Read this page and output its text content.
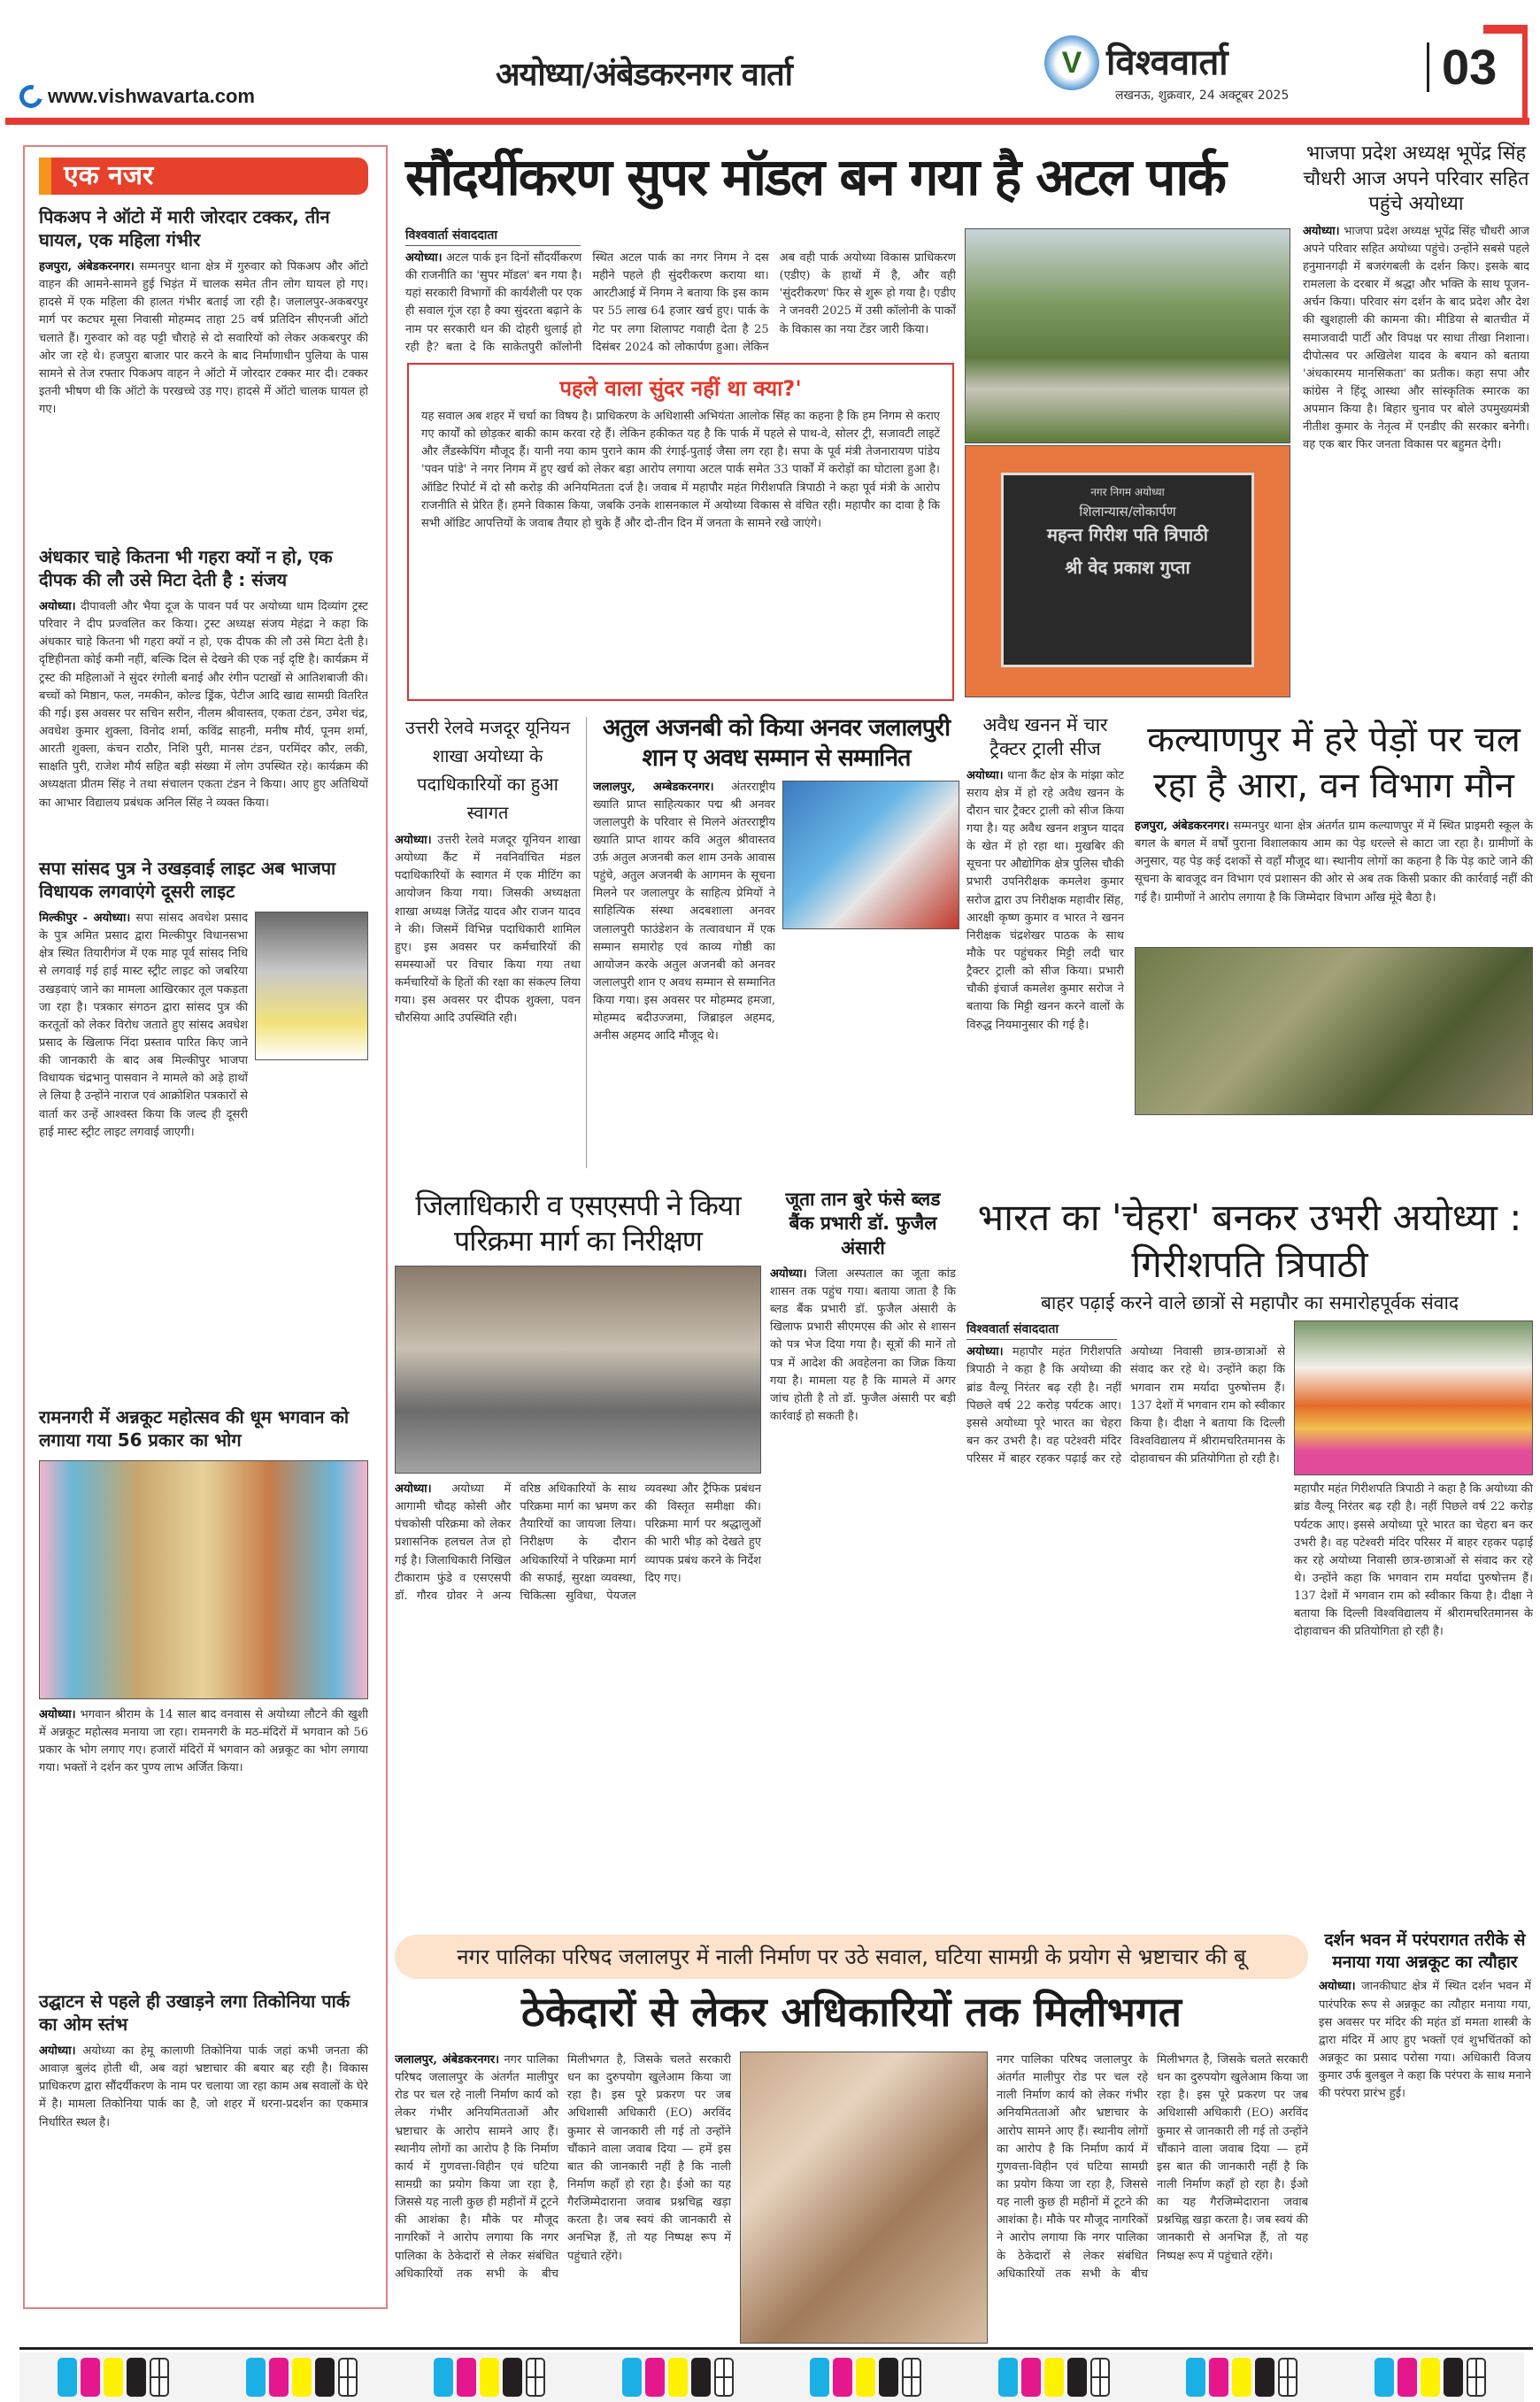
www.vishwavarta.com
अयोध्या/अंबेडकरनगर वार्ता	V विश्ववार्ता
लखनऊ, शुक्रवार, 24 अक्टूबर 2025
03
एक नजर
पिकअप ने ऑटो में मारी जोरदार टक्कर, तीन घायल, एक महिला गंभीर

हजपुरा, अंबेडकरनगर। सम्मनपुर थाना क्षेत्र में गुरुवार को पिकअप और ऑटो वाहन की आमने-सामने हुई भिड़ंत में चालक समेत तीन लोग घायल हो गए। हादसे में एक महिला की हालत गंभीर बताई जा रही है। जलालपुर-अकबरपुर मार्ग पर कटघर मूसा निवासी मोहम्मद ताहा 25 वर्ष प्रतिदिन सीएनजी ऑटो चलाते हैं। गुरुवार को वह पट्टी चौराहे से दो सवारियों को लेकर अकबरपुर की ओर जा रहे थे। हजपुरा बाजार पार करने के बाद निर्माणाधीन पुलिया के पास सामने से तेज रफ्तार पिकअप वाहन ने ऑटो में जोरदार टक्कर मार दी। टक्कर इतनी भीषण थी कि ऑटो के परखच्चे उड़ गए। हादसे में ऑटो चालक घायल हो गए।

अंधकार चाहे कितना भी गहरा क्यों न हो, एक दीपक की लौ उसे मिटा देती है : संजय

अयोध्या। दीपावली और भैया दूज के पावन पर्व पर अयोध्या धाम दिव्यांग ट्रस्ट परिवार ने दीप प्रज्वलित कर किया। ट्रस्ट अध्यक्ष संजय मेहंद्रा ने कहा कि अंधकार चाहे कितना भी गहरा क्यों न हो, एक दीपक की लौ उसे मिटा देती है। दृष्टिहीनता कोई कमी नहीं, बल्कि दिल से देखने की एक नई दृष्टि है। कार्यक्रम में ट्रस्ट की महिलाओं ने सुंदर रंगोली बनाई और रंगीन पटाखों से आतिशबाजी की। बच्चों को मिष्ठान, फल, नमकीन, कोल्ड ड्रिंक, पेटीज आदि खाद्य सामग्री वितरित की गई। इस अवसर पर सचिन सरीन, नीलम श्रीवास्तव, एकता टंडन, उमेश चंद्र, अवधेश कुमार शुक्ला, विनोद शर्मा, कविंद्र साहनी, मनीष मौर्य, पूनम शर्मा, आरती शुक्ला, कंचन राठौर, निशि पुरी, मानस टंडन, परमिंदर कौर, लकी, साक्षति पुरी, राजेश मौर्य सहित बड़ी संख्या में लोग उपस्थित रहे। कार्यक्रम की अध्यक्षता प्रीतम सिंह ने तथा संचालन एकता टंडन ने किया। आए हुए अतिथियों का आभार विद्यालय प्रबंधक अनिल सिंह ने व्यक्त किया।

सपा सांसद पुत्र ने उखड़वाई लाइट अब भाजपा विधायक लगवाएंगे दूसरी लाइट

मिल्कीपुर - अयोध्या। सपा सांसद अवधेश प्रसाद के पुत्र अमित प्रसाद द्वारा मिल्कीपुर विधानसभा क्षेत्र स्थित तियारीगंज में एक माह पूर्व सांसद निधि से लगवाई गई हाई मास्ट स्ट्रीट लाइट को जबरिया उखड़वाएं जाने का मामला आखिरकार तूल पकड़ता जा रहा है। पत्रकार संगठन द्वारा सांसद पुत्र की करतूतों को लेकर विरोध जताते हुए सांसद अवधेश प्रसाद के खिलाफ निंदा प्रस्ताव पारित किए जाने की जानकारी के बाद अब मिल्कीपुर भाजपा विधायक चंद्रभानु पासवान ने मामले को अड़े हाथों ले लिया है उन्होंने नाराज एवं आक्रोशित पत्रकारों से वार्ता कर उन्हें आश्वस्त किया कि जल्द ही दूसरी हाई मास्ट स्ट्रीट लाइट लगवाई जाएगी।

रामनगरी में अन्नकूट महोत्सव की धूम भगवान को लगाया गया 56 प्रकार का भोग

अयोध्या। भगवान श्रीराम के 14 साल बाद वनवास से अयोध्या लौटने की खुशी में अन्नकूट महोत्सव मनाया जा रहा। रामनगरी के मठ-मंदिरों में भगवान को 56 प्रकार के भोग लगाए गए। हजारों मंदिरों में भगवान को अन्नकूट का भोग लगाया गया। भक्तों ने दर्शन कर पुण्य लाभ अर्जित किया।

उद्घाटन से पहले ही उखाड़ने लगा तिकोनिया पार्क का ओम स्तंभ

अयोध्या। अयोध्या का हेमू कालाणी तिकोनिया पार्क जहां कभी जनता की आवाज़ बुलंद होती थी, अब वहां भ्रष्टाचार की बयार बह रही है। विकास प्राधिकरण द्वारा सौंदर्यीकरण के नाम पर चलाया जा रहा काम अब सवालों के घेरे में है। मामला तिकोनिया पार्क का है, जो शहर में धरना-प्रदर्शन का एकमात्र निर्धारित स्थल है।

सौंदर्यीकरण सुपर मॉडल बन गया है अटल पार्क
विश्ववार्ता संवाददाता

अयोध्या। अटल पार्क इन दिनों सौंदर्यीकरण की राजनीति का 'सुपर मॉडल' बन गया है। यहां सरकारी विभागों की कार्यशैली पर एक ही सवाल गूंज रहा है क्या सुंदरता बढ़ाने के नाम पर सरकारी धन की दोहरी धुलाई हो रही है? बता दे कि साकेतपुरी कॉलोनी स्थित अटल पार्क का नगर निगम ने दस महीने पहले ही सुंदरीकरण कराया था। आरटीआई में निगम ने बताया कि इस काम पर 55 लाख 64 हजार खर्च हुए। पार्क के गेट पर लगा शिलापट गवाही देता है 25 दिसंबर 2024 को लोकार्पण हुआ। लेकिन अब वही पार्क अयोध्या विकास प्राधिकरण (एडीए) के हाथों में है, और वही 'सुंदरीकरण' फिर से शुरू हो गया है। एडीए ने जनवरी 2025 में उसी कॉलोनी के पार्कों के विकास का नया टेंडर जारी किया।

पहले वाला सुंदर नहीं था क्या?'

यह सवाल अब शहर में चर्चा का विषय है। प्राधिकरण के अधिशासी अभियंता आलोक सिंह का कहना है कि हम निगम से कराए गए कार्यों को छोड़कर बाकी काम करवा रहे हैं। लेकिन हकीकत यह है कि पार्क में पहले से पाथ-वे, सोलर ट्री, सजावटी लाइटें और लैंडस्केपिंग मौजूद हैं। यानी नया काम पुराने काम की रंगाई-पुताई जैसा लग रहा है। सपा के पूर्व मंत्री तेजनारायण पांडेय 'पवन पांडे' ने नगर निगम में हुए खर्च को लेकर बड़ा आरोप लगाया अटल पार्क समेत 33 पार्कों में करोड़ों का घोटाला हुआ है। ऑडिट रिपोर्ट में दो सौ करोड़ की अनियमितता दर्ज है। जवाब में महापौर महंत गिरीशपति त्रिपाठी ने कहा पूर्व मंत्री के आरोप राजनीति से प्रेरित हैं। हमने विकास किया, जबकि उनके शासनकाल में अयोध्या विकास से वंचित रही। महापौर का दावा है कि सभी ऑडिट आपत्तियों के जवाब तैयार हो चुके हैं और दो-तीन दिन में जनता के सामने रखे जाएंगे।

नगर निगम अयोध्या
शिलान्यास/लोकार्पण
महन्त गिरीश पति त्रिपाठी
श्री वेद प्रकाश गुप्ता
भाजपा प्रदेश अध्यक्ष भूपेंद्र सिंह चौधरी आज अपने परिवार सहित पहुंचे अयोध्या

अयोध्या। भाजपा प्रदेश अध्यक्ष भूपेंद्र सिंह चौधरी आज अपने परिवार सहित अयोध्या पहुंचे। उन्होंने सबसे पहले हनुमानगढ़ी में बजरंगबली के दर्शन किए। इसके बाद रामलला के दरबार में श्रद्धा और भक्ति के साथ पूजन-अर्चन किया। परिवार संग दर्शन के बाद प्रदेश और देश की खुशहाली की कामना की। मीडिया से बातचीत में समाजवादी पार्टी और विपक्ष पर साधा तीखा निशाना। दीपोत्सव पर अखिलेश यादव के बयान को बताया 'अंधकारमय मानसिकता' का प्रतीक। कहा सपा और कांग्रेस ने हिंदू आस्था और सांस्कृतिक स्मारक का अपमान किया है। बिहार चुनाव पर बोले उपमुख्यमंत्री नीतीश कुमार के नेतृत्व में एनडीए की सरकार बनेगी। वह एक बार फिर जनता विकास पर बहुमत देगी।

उत्तरी रेलवे मजदूर यूनियन शाखा अयोध्या के पदाधिकारियों का हुआ स्वागत

अयोध्या। उत्तरी रेलवे मजदूर यूनियन शाखा अयोध्या कैंट में नवनिर्वाचित मंडल पदाधिकारियों के स्वागत में एक मीटिंग का आयोजन किया गया। जिसकी अध्यक्षता शाखा अध्यक्ष जितेंद्र यादव और राजन यादव ने की। जिसमें विभिन्न पदाधिकारी शामिल हुए। इस अवसर पर कर्मचारियों की समस्याओं पर विचार किया गया तथा कर्मचारियों के हितों की रक्षा का संकल्प लिया गया। इस अवसर पर दीपक शुक्ला, पवन चौरसिया आदि उपस्थिति रही।

अतुल अजनबी को किया अनवर जलालपुरी शान ए अवध सम्मान से सम्मानित

जलालपुर, अम्बेडकरनगर। अंतरराष्ट्रीय ख्याति प्राप्त साहित्यकार पद्म श्री अनवर जलालपुरी के परिवार से मिलने अंतरराष्ट्रीय ख्याति प्राप्त शायर कवि अतुल श्रीवास्तव उर्फ़ अतुल अजनबी कल शाम उनके आवास पहुंचे, अतुल अजनबी के आगमन के सूचना मिलने पर जलालपुर के साहित्य प्रेमियों ने साहित्यिक संस्था अदबशाला अनवर जलालपुरी फाउंडेशन के तत्वावधान में एक सम्मान समारोह एवं काव्य गोष्ठी का आयोजन करके अतुल अजनबी को अनवर जलालपुरी शान ए अवध सम्मान से सम्मानित किया गया। इस अवसर पर मोहम्मद हमजा, मोहम्मद बदीउज्जमा, जिब्राइल अहमद, अनीस अहमद आदि मौजूद थे।

अवैध खनन में चार ट्रैक्टर ट्राली सीज

अयोध्या। थाना कैंट क्षेत्र के मांझा कोट सराय क्षेत्र में हो रहे अवैध खनन के दौरान चार ट्रैक्टर ट्राली को सीज किया गया है। यह अवैध खनन शत्रुघ्न यादव के खेत में हो रहा था। मुखबिर की सूचना पर औद्योगिक क्षेत्र पुलिस चौकी प्रभारी उपनिरीक्षक कमलेश कुमार सरोज द्वारा उप निरीक्षक महावीर सिंह, आरक्षी कृष्ण कुमार व भारत ने खनन निरीक्षक चंद्रशेखर पाठक के साथ मौके पर पहुंचकर मिट्टी लदी चार ट्रैक्टर ट्राली को सीज किया। प्रभारी चौकी इंचार्ज कमलेश कुमार सरोज ने बताया कि मिट्टी खनन करने वालों के विरुद्ध नियमानुसार की गई है।

कल्याणपुर में हरे पेड़ों पर चल रहा है आरा, वन विभाग मौन

हजपुरा, अंबेडकरनगर। सम्मनपुर थाना क्षेत्र अंतर्गत ग्राम कल्याणपुर में में स्थित प्राइमरी स्कूल के बगल के बगल में वर्षों पुराना विशालकाय आम का पेड़ धरल्ले से काटा जा रहा है। ग्रामीणों के अनुसार, यह पेड़ कई दशकों से वहाँ मौजूद था। स्थानीय लोगों का कहना है कि पेड़ काटे जाने की सूचना के बावजूद वन विभाग एवं प्रशासन की ओर से अब तक किसी प्रकार की कार्रवाई नहीं की गई है। ग्रामीणों ने आरोप लगाया है कि जिम्मेदार विभाग आँख मूंदे बैठा है।

जिलाधिकारी व एसएसपी ने किया परिक्रमा मार्ग का निरीक्षण

अयोध्या। अयोध्या में आगामी चौदह कोसी और पंचकोसी परिक्रमा को लेकर प्रशासनिक हलचल तेज हो गई है। जिलाधिकारी निखिल टीकाराम फुंडे व एसएसपी डॉ. गौरव ग्रोवर ने अन्य वरिष्ठ अधिकारियों के साथ परिक्रमा मार्ग का भ्रमण कर तैयारियों का जायजा लिया। निरीक्षण के दौरान अधिकारियों ने परिक्रमा मार्ग की सफाई, सुरक्षा व्यवस्था, चिकित्सा सुविधा, पेयजल व्यवस्था और ट्रैफिक प्रबंधन की विस्तृत समीक्षा की। परिक्रमा मार्ग पर श्रद्धालुओं की भारी भीड़ को देखते हुए व्यापक प्रबंध करने के निर्देश दिए गए।

जूता तान बुरे फंसे ब्लड बैंक प्रभारी डॉ. फुजैल अंसारी

अयोध्या। जिला अस्पताल का जूता कांड शासन तक पहुंच गया। बताया जाता है कि ब्लड बैंक प्रभारी डॉ. फुजैल अंसारी के खिलाफ प्रभारी सीएमएस की ओर से शासन को पत्र भेज दिया गया है। सूत्रों की मानें तो पत्र में आदेश की अवहेलना का जिक्र किया गया है। मामला यह है कि मामले में अगर जांच होती है तो डॉ. फुजैल अंसारी पर बड़ी कार्रवाई हो सकती है।

भारत का 'चेहरा' बनकर उभरी अयोध्या : गिरीशपति त्रिपाठी
बाहर पढ़ाई करने वाले छात्रों से महापौर का समारोहपूर्वक संवाद
विश्ववार्ता संवाददाता

अयोध्या। महापौर महंत गिरीशपति त्रिपाठी ने कहा है कि अयोध्या की ब्रांड वैल्यू निरंतर बढ़ रही है। नहीं पिछले वर्ष 22 करोड़ पर्यटक आए। इससे अयोध्या पूरे भारत का चेहरा बन कर उभरी है। वह पटेश्वरी मंदिर परिसर में बाहर रहकर पढ़ाई कर रहे अयोध्या निवासी छात्र-छात्राओं से संवाद कर रहे थे। उन्होंने कहा कि भगवान राम मर्यादा पुरुषोत्तम हैं। 137 देशों में भगवान राम को स्वीकार किया है। दीक्षा ने बताया कि दिल्ली विश्वविद्यालय में श्रीरामचरितमानस के दोहावाचन की प्रतियोगिता हो रही है।

महापौर महंत गिरीशपति त्रिपाठी ने कहा है कि अयोध्या की ब्रांड वैल्यू निरंतर बढ़ रही है। नहीं पिछले वर्ष 22 करोड़ पर्यटक आए। इससे अयोध्या पूरे भारत का चेहरा बन कर उभरी है। वह पटेश्वरी मंदिर परिसर में बाहर रहकर पढ़ाई कर रहे अयोध्या निवासी छात्र-छात्राओं से संवाद कर रहे थे। उन्होंने कहा कि भगवान राम मर्यादा पुरुषोत्तम हैं। 137 देशों में भगवान राम को स्वीकार किया है। दीक्षा ने बताया कि दिल्ली विश्वविद्यालय में श्रीरामचरितमानस के दोहावाचन की प्रतियोगिता हो रही है।

नगर पालिका परिषद जलालपुर में नाली निर्माण पर उठे सवाल, घटिया सामग्री के प्रयोग से भ्रष्टाचार की बू
ठेकेदारों से लेकर अधिकारियों तक मिलीभगत

जलालपुर, अंबेडकरनगर। नगर पालिका परिषद जलालपुर के अंतर्गत मालीपुर रोड पर चल रहे नाली निर्माण कार्य को लेकर गंभीर अनियमितताओं और भ्रष्टाचार के आरोप सामने आए हैं। स्थानीय लोगों का आरोप है कि निर्माण कार्य में गुणवत्ता-विहीन एवं घटिया सामग्री का प्रयोग किया जा रहा है, जिससे यह नाली कुछ ही महीनों में टूटने की आशंका है। मौके पर मौजूद नागरिकों ने आरोप लगाया कि नगर पालिका के ठेकेदारों से लेकर संबंधित अधिकारियों तक सभी के बीच मिलीभगत है, जिसके चलते सरकारी धन का दुरुपयोग खुलेआम किया जा रहा है। इस पूरे प्रकरण पर जब अधिशासी अधिकारी (EO) अरविंद कुमार से जानकारी ली गई तो उन्होंने चौंकाने वाला जवाब दिया — हमें इस बात की जानकारी नहीं है कि नाली निर्माण कहाँ हो रहा है। ईओ का यह गैरजिम्मेदाराना जवाब प्रश्नचिह्न खड़ा करता है। जब स्वयं की जानकारी से अनभिज्ञ हैं, तो यह निष्पक्ष रूप में पहुंचाते रहेंगे।

नगर पालिका परिषद जलालपुर के अंतर्गत मालीपुर रोड पर चल रहे नाली निर्माण कार्य को लेकर गंभीर अनियमितताओं और भ्रष्टाचार के आरोप सामने आए हैं। स्थानीय लोगों का आरोप है कि निर्माण कार्य में गुणवत्ता-विहीन एवं घटिया सामग्री का प्रयोग किया जा रहा है, जिससे यह नाली कुछ ही महीनों में टूटने की आशंका है। मौके पर मौजूद नागरिकों ने आरोप लगाया कि नगर पालिका के ठेकेदारों से लेकर संबंधित अधिकारियों तक सभी के बीच मिलीभगत है, जिसके चलते सरकारी धन का दुरुपयोग खुलेआम किया जा रहा है। इस पूरे प्रकरण पर जब अधिशासी अधिकारी (EO) अरविंद कुमार से जानकारी ली गई तो उन्होंने चौंकाने वाला जवाब दिया — हमें इस बात की जानकारी नहीं है कि नाली निर्माण कहाँ हो रहा है। ईओ का यह गैरजिम्मेदाराना जवाब प्रश्नचिह्न खड़ा करता है। जब स्वयं की जानकारी से अनभिज्ञ हैं, तो यह निष्पक्ष रूप में पहुंचाते रहेंगे।

दर्शन भवन में परंपरागत तरीके से मनाया गया अन्नकूट का त्यौहार

अयोध्या। जानकीघाट क्षेत्र में स्थित दर्शन भवन में पारंपरिक रूप से अन्नकूट का त्यौहार मनाया गया, इस अवसर पर मंदिर की महंत डॉ ममता शास्त्री के द्वारा मंदिर में आए हुए भक्तों एवं शुभचिंतकों को अन्नकूट का प्रसाद परोसा गया। अधिकारी विजय कुमार उर्फ बुलबुल ने कहा कि परंपरा के साथ मनाने की परंपरा प्रारंभ हुई।
